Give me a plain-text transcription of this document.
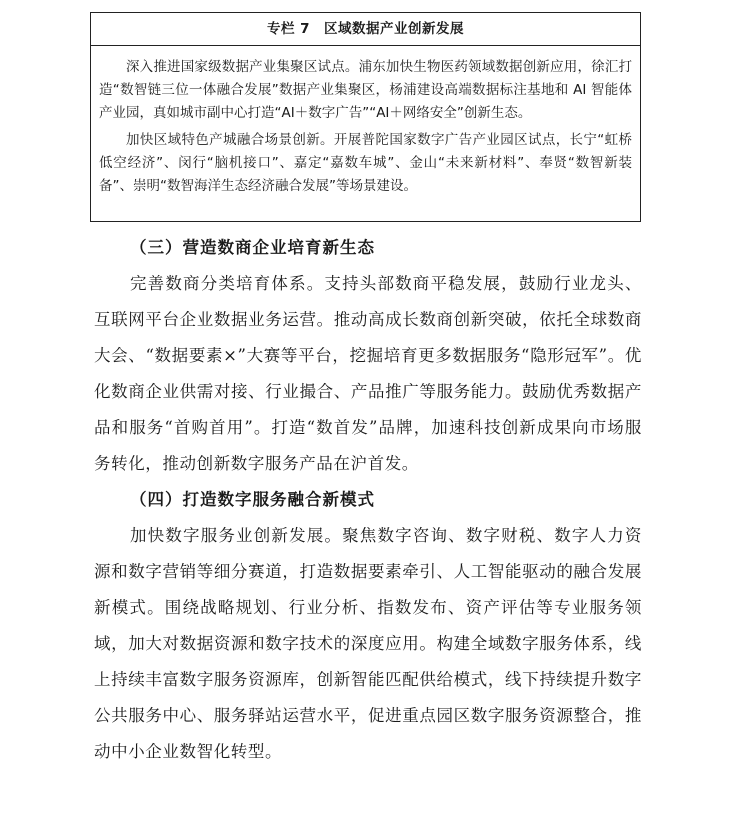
专栏 7 区域数据产业创新发展

深入推进国家级数据产业集聚区试点。浦东加快生物医药领域数据创新应用，徐汇打造“数智链三位一体融合发展”数据产业集聚区，杨浦建设高端数据标注基地和 AI 智能体产业园，真如城市副中心打造“AI＋数字广告”“AI＋网络安全”创新生态。

加快区域特色产城融合场景创新。开展普陀国家数字广告产业园区试点，长宁“虹桥低空经济”、闵行“脑机接口”、嘉定“嘉数车城”、金山“未来新材料”、奉贤“数智新装备”、崇明“数智海洋生态经济融合发展”等场景建设。

（三）营造数商企业培育新生态

完善数商分类培育体系。支持头部数商平稳发展，鼓励行业龙头、互联网平台企业数据业务运营。推动高成长数商创新突破，依托全球数商大会、“数据要素×”大赛等平台，挖掘培育更多数据服务“隐形冠军”。优化数商企业供需对接、行业撮合、产品推广等服务能力。鼓励优秀数据产品和服务“首购首用”。打造“数首发”品牌，加速科技创新成果向市场服务转化，推动创新数字服务产品在沪首发。

（四）打造数字服务融合新模式

加快数字服务业创新发展。聚焦数字咨询、数字财税、数字人力资源和数字营销等细分赛道，打造数据要素牵引、人工智能驱动的融合发展新模式。围绕战略规划、行业分析、指数发布、资产评估等专业服务领域，加大对数据资源和数字技术的深度应用。构建全域数字服务体系，线上持续丰富数字服务资源库，创新智能匹配供给模式，线下持续提升数字公共服务中心、服务驿站运营水平，促进重点园区数字服务资源整合，推动中小企业数智化转型。
